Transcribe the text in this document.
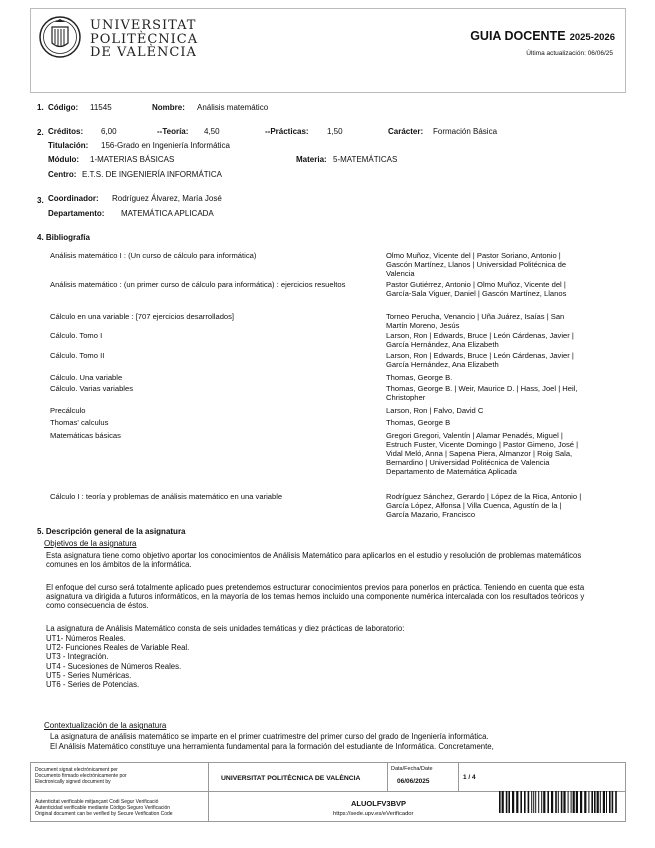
UNIVERSITAT
POLITÈCNICA
DE VALÈNCIA
GUIA DOCENTE 2025-2026
Última actualización: 06/06/25
1. Código: 11545	Nombre: Análisis matemático
2. Créditos: 6,00	--Teoría: 4,50	--Prácticas: 1,50	Carácter: Formación Básica
Titulación: 156-Grado en Ingeniería Informática
Módulo: 1-MATERIAS BÁSICAS	Materia: 5-MATEMÁTICAS
Centro: E.T.S. DE INGENIERÍA INFORMÁTICA
3. Coordinador: Rodríguez Álvarez, María José
Departamento: MATEMÁTICA APLICADA
4. Bibliografía
Análisis matemático I : (Un curso de cálculo para informática)	Olmo Muñoz, Vicente del | Pastor Soriano, Antonio | Gascón Martínez, Llanos | Universidad Politécnica de Valencia
Análisis matemático : (un primer curso de cálculo para informática) : ejercicios resueltos	Pastor Gutiérrez, Antonio | Olmo Muñoz, Vicente del | García-Sala Viguer, Daniel | Gascón Martínez, Llanos
Cálculo en una variable : [707 ejercicios desarrollados]	Torneo Perucha, Venancio | Uña Juárez, Isaías | San Martín Moreno, Jesús
Cálculo. Tomo I	Larson, Ron | Edwards, Bruce | León Cárdenas, Javier | García Hernández, Ana Elizabeth
Cálculo. Tomo II	Larson, Ron | Edwards, Bruce | León Cárdenas, Javier | García Hernández, Ana Elizabeth
Cálculo. Una variable	Thomas, George B.
Cálculo. Varias variables	Thomas, George B. | Weir, Maurice D. | Hass, Joel | Heil, Christopher
Precálculo	Larson, Ron | Falvo, David C
Thomas' calculus	Thomas, George B
Matemáticas básicas	Gregori Gregori, Valentín | Alamar Penadés, Miguel | Estruch Fuster, Vicente Domingo | Pastor Gimeno, José | Vidal Meló, Anna | Sapena Piera, Almanzor | Roig Sala, Bernardino | Universidad Politécnica de Valencia Departamento de Matemática Aplicada
Cálculo I : teoría y problemas de análisis matemático en una variable	Rodríguez Sánchez, Gerardo | López de la Rica, Antonio | García López, Alfonsa | Villa Cuenca, Agustín de la | García Mazario, Francisco
5. Descripción general de la asignatura
Objetivos de la asignatura
Esta asignatura tiene como objetivo aportar los conocimientos de Análisis Matemático para aplicarlos en el estudio y resolución de problemas matemáticos comunes en los ámbitos de la informática.
El enfoque del curso será totalmente aplicado pues pretendemos estructurar conocimientos previos para ponerlos en práctica. Teniendo en cuenta que esta asignatura va dirigida a futuros informáticos, en la mayoría de los temas hemos incluido una componente numérica intercalada con los resultados teóricos y como consecuencia de éstos.
La asignatura de Análisis Matemático consta de seis unidades temáticas y diez prácticas de laboratorio:
UT1- Números Reales.
UT2- Funciones Reales de Variable Real.
UT3 - Integración.
UT4 - Sucesiones de Números Reales.
UT5 - Series Numéricas.
UT6 - Series de Potencias.
Contextualización de la asignatura
La asignatura de análisis matemático se imparte en el primer cuatrimestre del primer curso del grado de Ingeniería informática.
El Análisis Matemático constituye una herramienta fundamental para la formación del estudiante de Informática. Concretamente,
Document signat electrònicament per
Documento firmado electrónicamente por
Electronically signed document by	UNIVERSITAT POLITÈCNICA DE VALÈNCIA
Data/Fecha/Date
06/06/2025
1 / 4
Autenticitat verificable mitjançant Codi Segur Verificació
Autenticidad verificable mediante Código Seguro Verificación
Original document can be verified by Secure Verification Code
ALUOLFV3BVP
https://sede.upv.es/eVerificador
